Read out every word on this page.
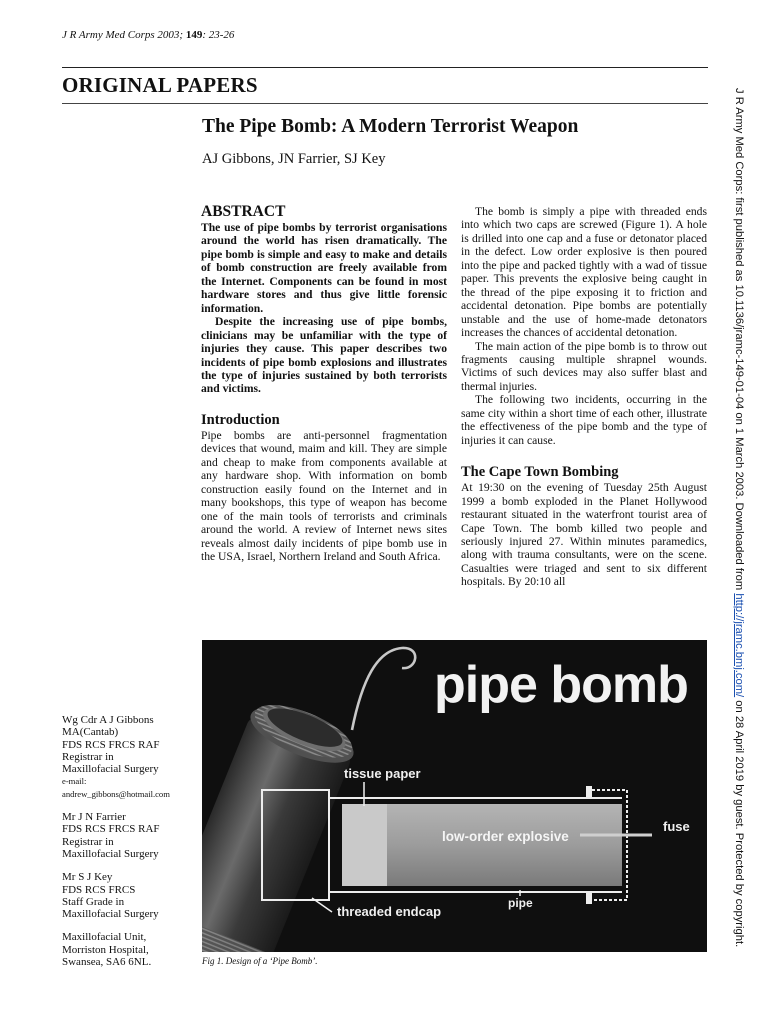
J R Army Med Corps 2003; 149: 23-26
ORIGINAL PAPERS
The Pipe Bomb: A Modern Terrorist Weapon
AJ Gibbons, JN Farrier, SJ Key
ABSTRACT

The use of pipe bombs by terrorist organisations around the world has risen dramatically. The pipe bomb is simple and easy to make and details of bomb construction are freely available from the Internet. Components can be found in most hardware stores and thus give little forensic information.

Despite the increasing use of pipe bombs, clinicians may be unfamiliar with the type of injuries they cause. This paper describes two incidents of pipe bomb explosions and illustrates the type of injuries sustained by both terrorists and victims.

Introduction

Pipe bombs are anti-personnel fragmentation devices that wound, maim and kill. They are simple and cheap to make from components available at any hardware shop. With information on bomb construction easily found on the Internet and in many bookshops, this type of weapon has become one of the main tools of terrorists and criminals around the world. A review of Internet news sites reveals almost daily incidents of pipe bomb use in the USA, Israel, Northern Ireland and South Africa.

The bomb is simply a pipe with threaded ends into which two caps are screwed (Figure 1). A hole is drilled into one cap and a fuse or detonator placed in the defect. Low order explosive is then poured into the pipe and packed tightly with a wad of tissue paper. This prevents the explosive being caught in the thread of the pipe exposing it to friction and accidental detonation. Pipe bombs are potentially unstable and the use of home-made detonators increases the chances of accidental detonation.

The main action of the pipe bomb is to throw out fragments causing multiple shrapnel wounds. Victims of such devices may also suffer blast and thermal injuries.

The following two incidents, occurring in the same city within a short time of each other, illustrate the effectiveness of the pipe bomb and the type of injuries it can cause.

The Cape Town Bombing

At 19:30 on the evening of Tuesday 25th August 1999 a bomb exploded in the Planet Hollywood restaurant situated in the waterfront tourist area of Cape Town. The bomb killed two people and seriously injured 27. Within minutes paramedics, along with trauma consultants, were on the scene. Casualties were triaged and sent to six different hospitals. By 20:10 all

pipe bomb
tissue paper
low-order explosive
fuse
pipe
threaded endcap
Fig 1. Design of a ‘Pipe Bomb’.
Wg Cdr A J Gibbons
MA(Cantab)
FDS RCS FRCS RAF
Registrar in
Maxillofacial Surgery
e-mail:
andrew_gibbons@hotmail.com
Mr J N Farrier
FDS RCS FRCS RAF
Registrar in
Maxillofacial Surgery
Mr S J Key
FDS RCS FRCS
Staff Grade in
Maxillofacial Surgery
Maxillofacial Unit,
Morriston Hospital,
Swansea, SA6 6NL.
J R Army Med Corps: first published as 10.1136/jramc-149-01-04 on 1 March 2003. Downloaded from http://jramc.bmj.com/ on 28 April 2019 by guest. Protected by copyright.
